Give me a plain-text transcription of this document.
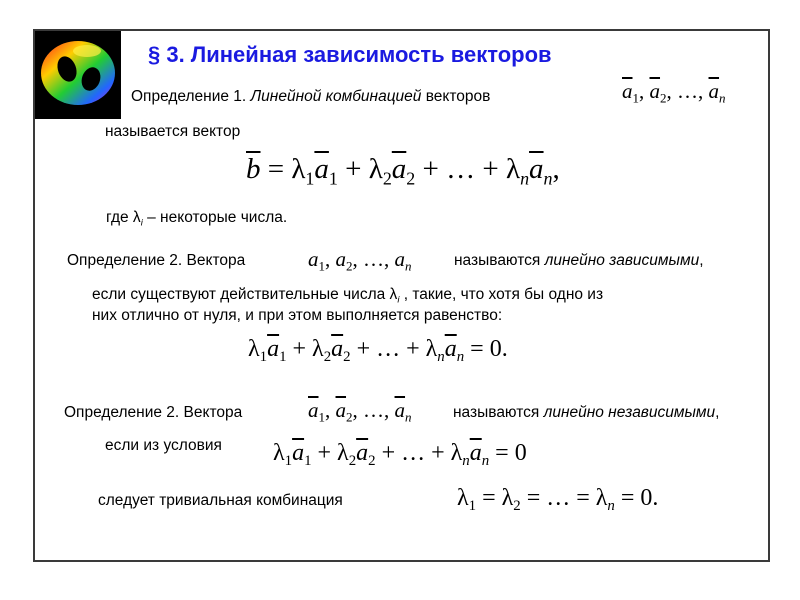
§ 3. Линейная зависимость векторов
Определение 1. Линейной комбинацией векторов	$\overline{a}_1$, $\overline{a}_2$, …, $\overline{a}_n$
называется вектор
$\overline{b} = \lambda_1\overline{a}_1 + \lambda_2\overline{a}_2$ + … + $\lambda_n\overline{a}_n$,
где $\lambda_i$ – некоторые числа.
Определение 2. Вектора	$a_1$, $a_2$, …, $a_n$	называются линейно зависимыми,
если существуют действительные числа $\lambda_i$ , такие, что хотя бы одно из
них отлично от нуля, и при этом выполняется равенство:
$\lambda_1\overline{a}_1 + \lambda_2\overline{a}_2$ + … + $\lambda_n\overline{a}_n = 0$.
Определение 2. Вектора	$\overline{a}_1$, $\overline{a}_2$, …, $\overline{a}_n$	называются линейно независимыми,
если из условия $\lambda_1\overline{a}_1 + \lambda_2\overline{a}_2$ + … + $\lambda_n\overline{a}_n = 0$
следует тривиальная комбинация	$\lambda_1 = \lambda_2$ = … = $\lambda_n = 0$.
